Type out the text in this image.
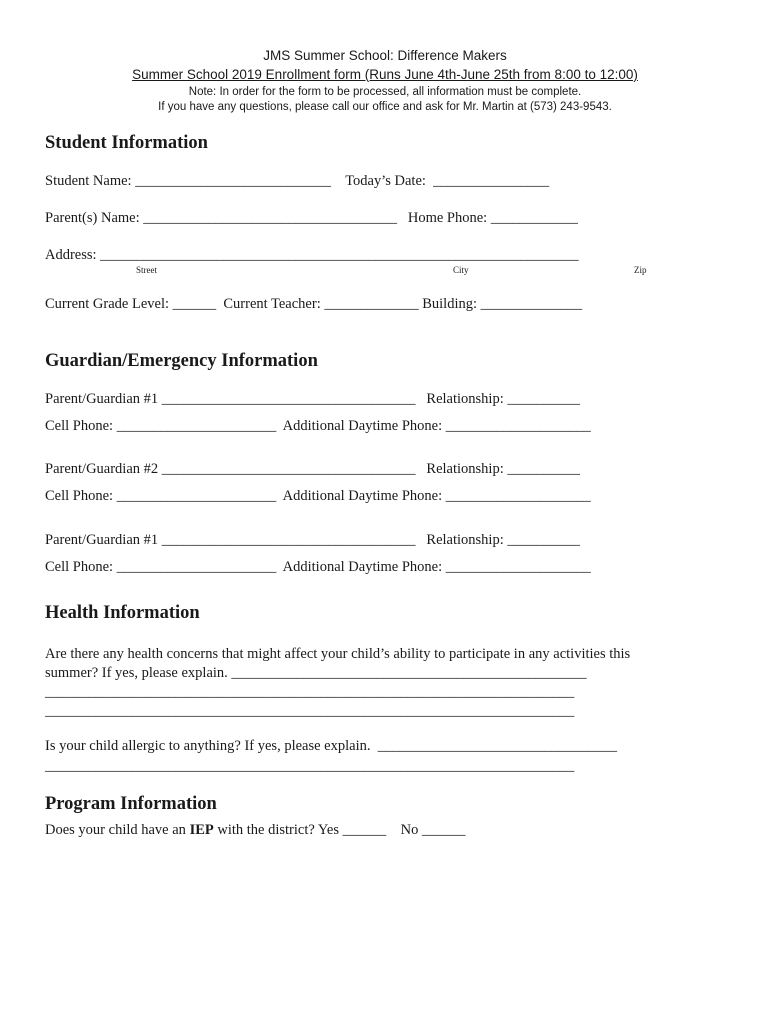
JMS Summer School: Difference Makers
Summer School 2019 Enrollment form (Runs June 4th-June 25th from 8:00 to 12:00)
Note: In order for the form to be processed, all information must be complete.
If you have any questions, please call our office and ask for Mr. Martin at (573) 243-9543.
Student Information
Student Name: ___________________________    Today’s Date:  ________________
Parent(s) Name: ___________________________________   Home Phone: ____________
Address: __________________________________________________________________
Street	City	Zip
Current Grade Level: ______  Current Teacher: _____________ Building: ______________
Guardian/Emergency Information
Parent/Guardian #1 ___________________________________   Relationship: __________
Cell Phone: ______________________  Additional Daytime Phone: ____________________
Parent/Guardian #2 ___________________________________   Relationship: __________
Cell Phone: ______________________  Additional Daytime Phone: ____________________
Parent/Guardian #1 ___________________________________   Relationship: __________
Cell Phone: ______________________  Additional Daytime Phone: ____________________
Health Information
Are there any health concerns that might affect your child’s ability to participate in any activities this
summer? If yes, please explain. _________________________________________________
_________________________________________________________________________
_________________________________________________________________________
Is your child allergic to anything? If yes, please explain.  _________________________________
_________________________________________________________________________
Program Information
Does your child have an IEP with the district? Yes ______    No ______
